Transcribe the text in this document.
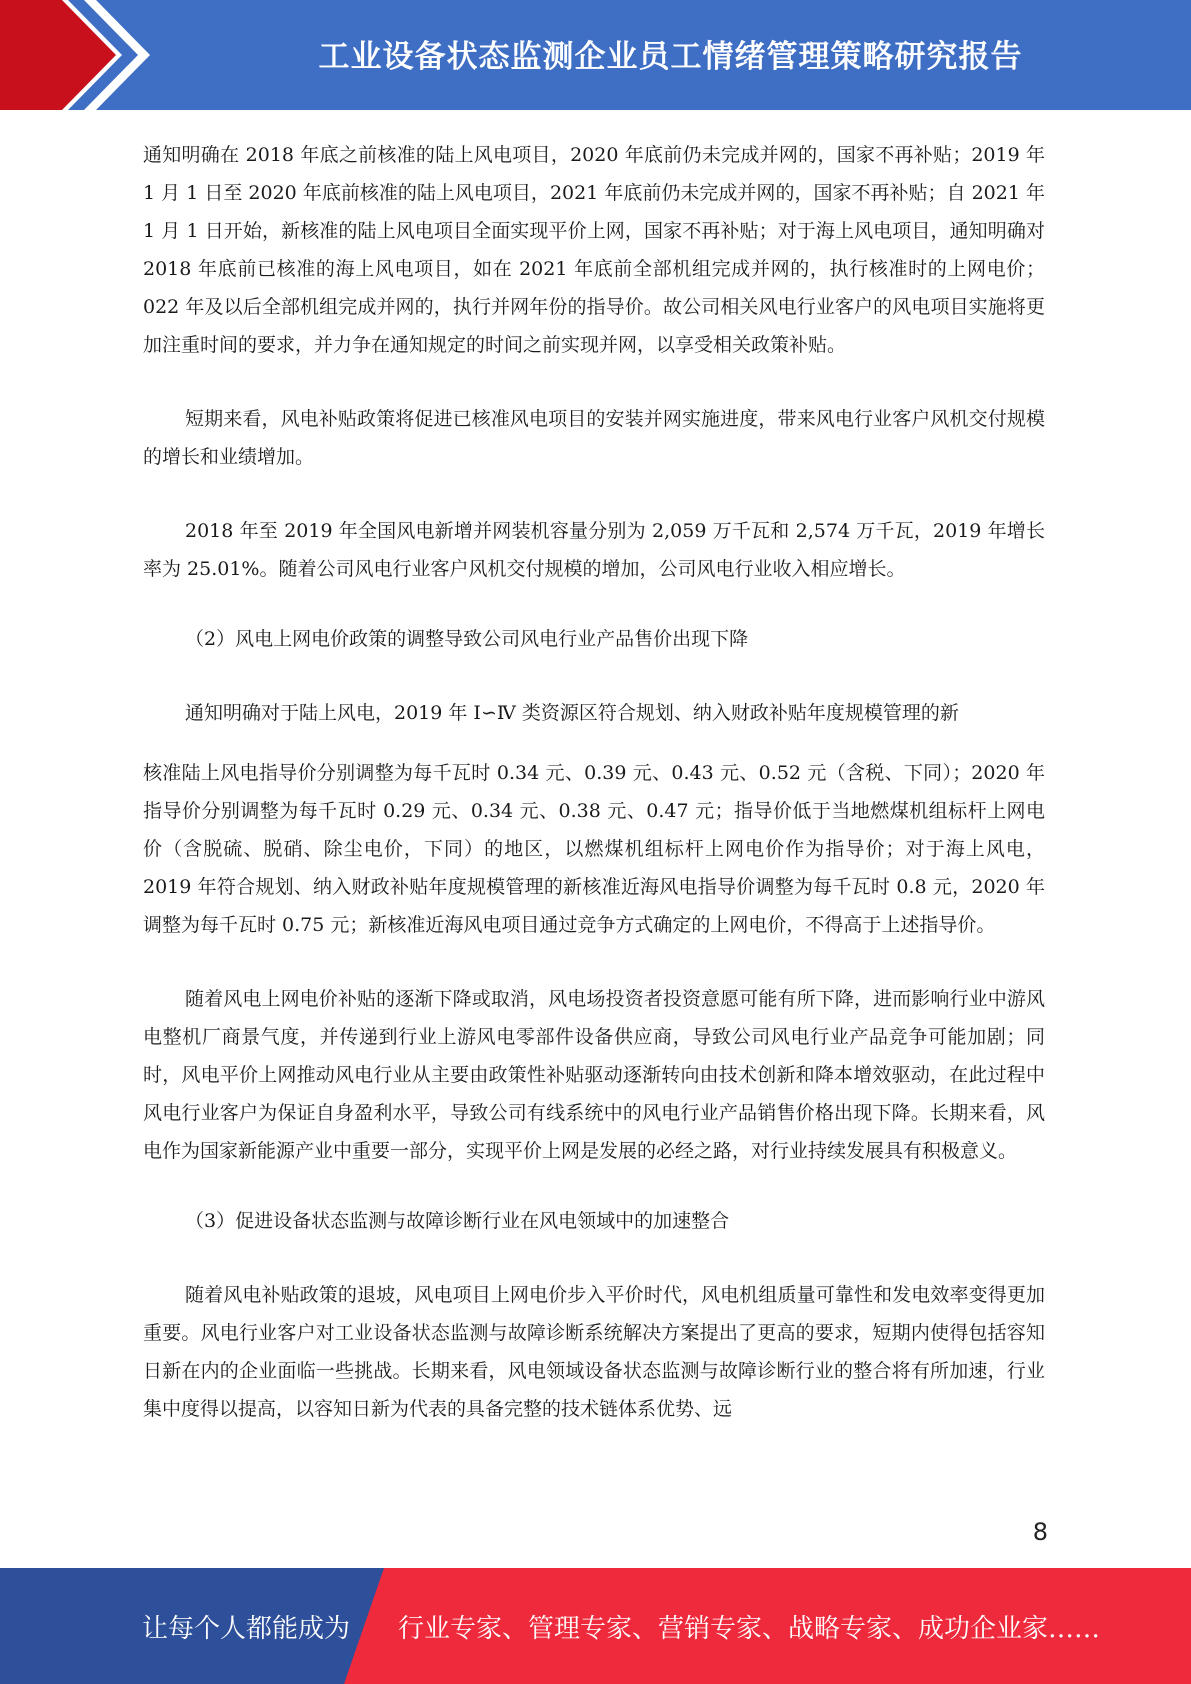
工业设备状态监测企业员工情绪管理策略研究报告

通知明确在 2018 年底之前核准的陆上风电项目，2020 年底前仍未完成并网的，国家不再补贴；2019 年 1 月 1 日至 2020 年底前核准的陆上风电项目，2021 年底前仍未完成并网的，国家不再补贴；自 2021 年 1 月 1 日开始，新核准的陆上风电项目全面实现平价上网，国家不再补贴；对于海上风电项目，通知明确对 2018 年底前已核准的海上风电项目，如在 2021 年底前全部机组完成并网的，执行核准时的上网电价；022 年及以后全部机组完成并网的，执行并网年份的指导价。故公司相关风电行业客户的风电项目实施将更加注重时间的要求，并力争在通知规定的时间之前实现并网，以享受相关政策补贴。

短期来看，风电补贴政策将促进已核准风电项目的安装并网实施进度，带来风电行业客户风机交付规模的增长和业绩增加。

2018 年至 2019 年全国风电新增并网装机容量分别为 2,059 万千瓦和 2,574 万千瓦，2019 年增长率为 25.01%。随着公司风电行业客户风机交付规模的增加，公司风电行业收入相应增长。

（2）风电上网电价政策的调整导致公司风电行业产品售价出现下降

通知明确对于陆上风电，2019 年 Ⅰ∽Ⅳ 类资源区符合规划、纳入财政补贴年度规模管理的新

核准陆上风电指导价分别调整为每千瓦时 0.34 元、0.39 元、0.43 元、0.52 元（含税、下同）；2020 年指导价分别调整为每千瓦时 0.29 元、0.34 元、0.38 元、0.47 元；指导价低于当地燃煤机组标杆上网电价（含脱硫、脱硝、除尘电价，下同）的地区，以燃煤机组标杆上网电价作为指导价；对于海上风电，2019 年符合规划、纳入财政补贴年度规模管理的新核准近海风电指导价调整为每千瓦时 0.8 元，2020 年调整为每千瓦时 0.75 元；新核准近海风电项目通过竞争方式确定的上网电价，不得高于上述指导价。

随着风电上网电价补贴的逐渐下降或取消，风电场投资者投资意愿可能有所下降，进而影响行业中游风电整机厂商景气度，并传递到行业上游风电零部件设备供应商，导致公司风电行业产品竞争可能加剧；同时，风电平价上网推动风电行业从主要由政策性补贴驱动逐渐转向由技术创新和降本增效驱动，在此过程中风电行业客户为保证自身盈利水平，导致公司有线系统中的风电行业产品销售价格出现下降。长期来看，风电作为国家新能源产业中重要一部分，实现平价上网是发展的必经之路，对行业持续发展具有积极意义。

（3）促进设备状态监测与故障诊断行业在风电领域中的加速整合

随着风电补贴政策的退坡，风电项目上网电价步入平价时代，风电机组质量可靠性和发电效率变得更加重要。风电行业客户对工业设备状态监测与故障诊断系统解决方案提出了更高的要求，短期内使得包括容知日新在内的企业面临一些挑战。长期来看，风电领域设备状态监测与故障诊断行业的整合将有所加速，行业集中度得以提高，以容知日新为代表的具备完整的技术链体系优势、远

8
让每个人都能成为 行业专家、管理专家、营销专家、战略专家、成功企业家……
